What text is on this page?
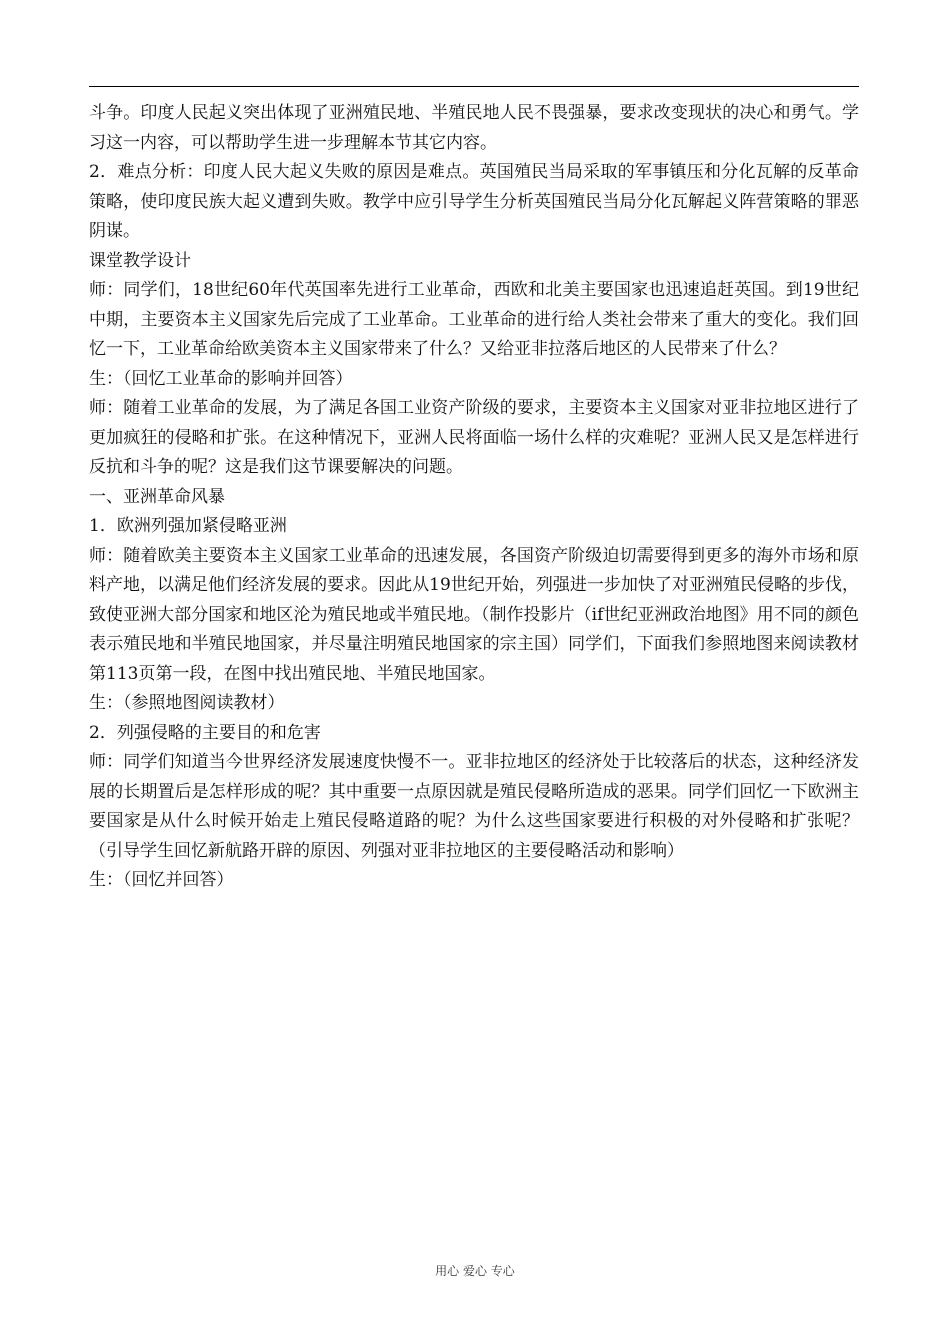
斗争。印度人民起义突出体现了亚洲殖民地、半殖民地人民不畏强暴，要求改变现状的决心和勇气。学习这一内容，可以帮助学生进一步理解本节其它内容。

2．难点分析：印度人民大起义失败的原因是难点。英国殖民当局采取的军事镇压和分化瓦解的反革命策略，使印度民族大起义遭到失败。教学中应引导学生分析英国殖民当局分化瓦解起义阵营策略的罪恶阴谋。

课堂教学设计

师：同学们，18世纪60年代英国率先进行工业革命，西欧和北美主要国家也迅速追赶英国。到19世纪中期，主要资本主义国家先后完成了工业革命。工业革命的进行给人类社会带来了重大的变化。我们回忆一下，工业革命给欧美资本主义国家带来了什么？又给亚非拉落后地区的人民带来了什么？

生：（回忆工业革命的影响并回答）

师：随着工业革命的发展，为了满足各国工业资产阶级的要求，主要资本主义国家对亚非拉地区进行了更加疯狂的侵略和扩张。在这种情况下，亚洲人民将面临一场什么样的灾难呢？亚洲人民又是怎样进行反抗和斗争的呢？这是我们这节课要解决的问题。

一、亚洲革命风暴

1．欧洲列强加紧侵略亚洲

师：随着欧美主要资本主义国家工业革命的迅速发展，各国资产阶级迫切需要得到更多的海外市场和原料产地，以满足他们经济发展的要求。因此从19世纪开始，列强进一步加快了对亚洲殖民侵略的步伐，致使亚洲大部分国家和地区沦为殖民地或半殖民地。（制作投影片（if世纪亚洲政治地图》用不同的颜色表示殖民地和半殖民地国家，并尽量注明殖民地国家的宗主国）同学们，下面我们参照地图来阅读教材第113页第一段，在图中找出殖民地、半殖民地国家。

生：（参照地图阅读教材）

2．列强侵略的主要目的和危害

师：同学们知道当今世界经济发展速度快慢不一。亚非拉地区的经济处于比较落后的状态，这种经济发展的长期置后是怎样形成的呢？其中重要一点原因就是殖民侵略所造成的恶果。同学们回忆一下欧洲主要国家是从什么时候开始走上殖民侵略道路的呢？为什么这些国家要进行积极的对外侵略和扩张呢？（引导学生回忆新航路开辟的原因、列强对亚非拉地区的主要侵略活动和影响）

生：（回忆并回答）

用心 爱心 专心
